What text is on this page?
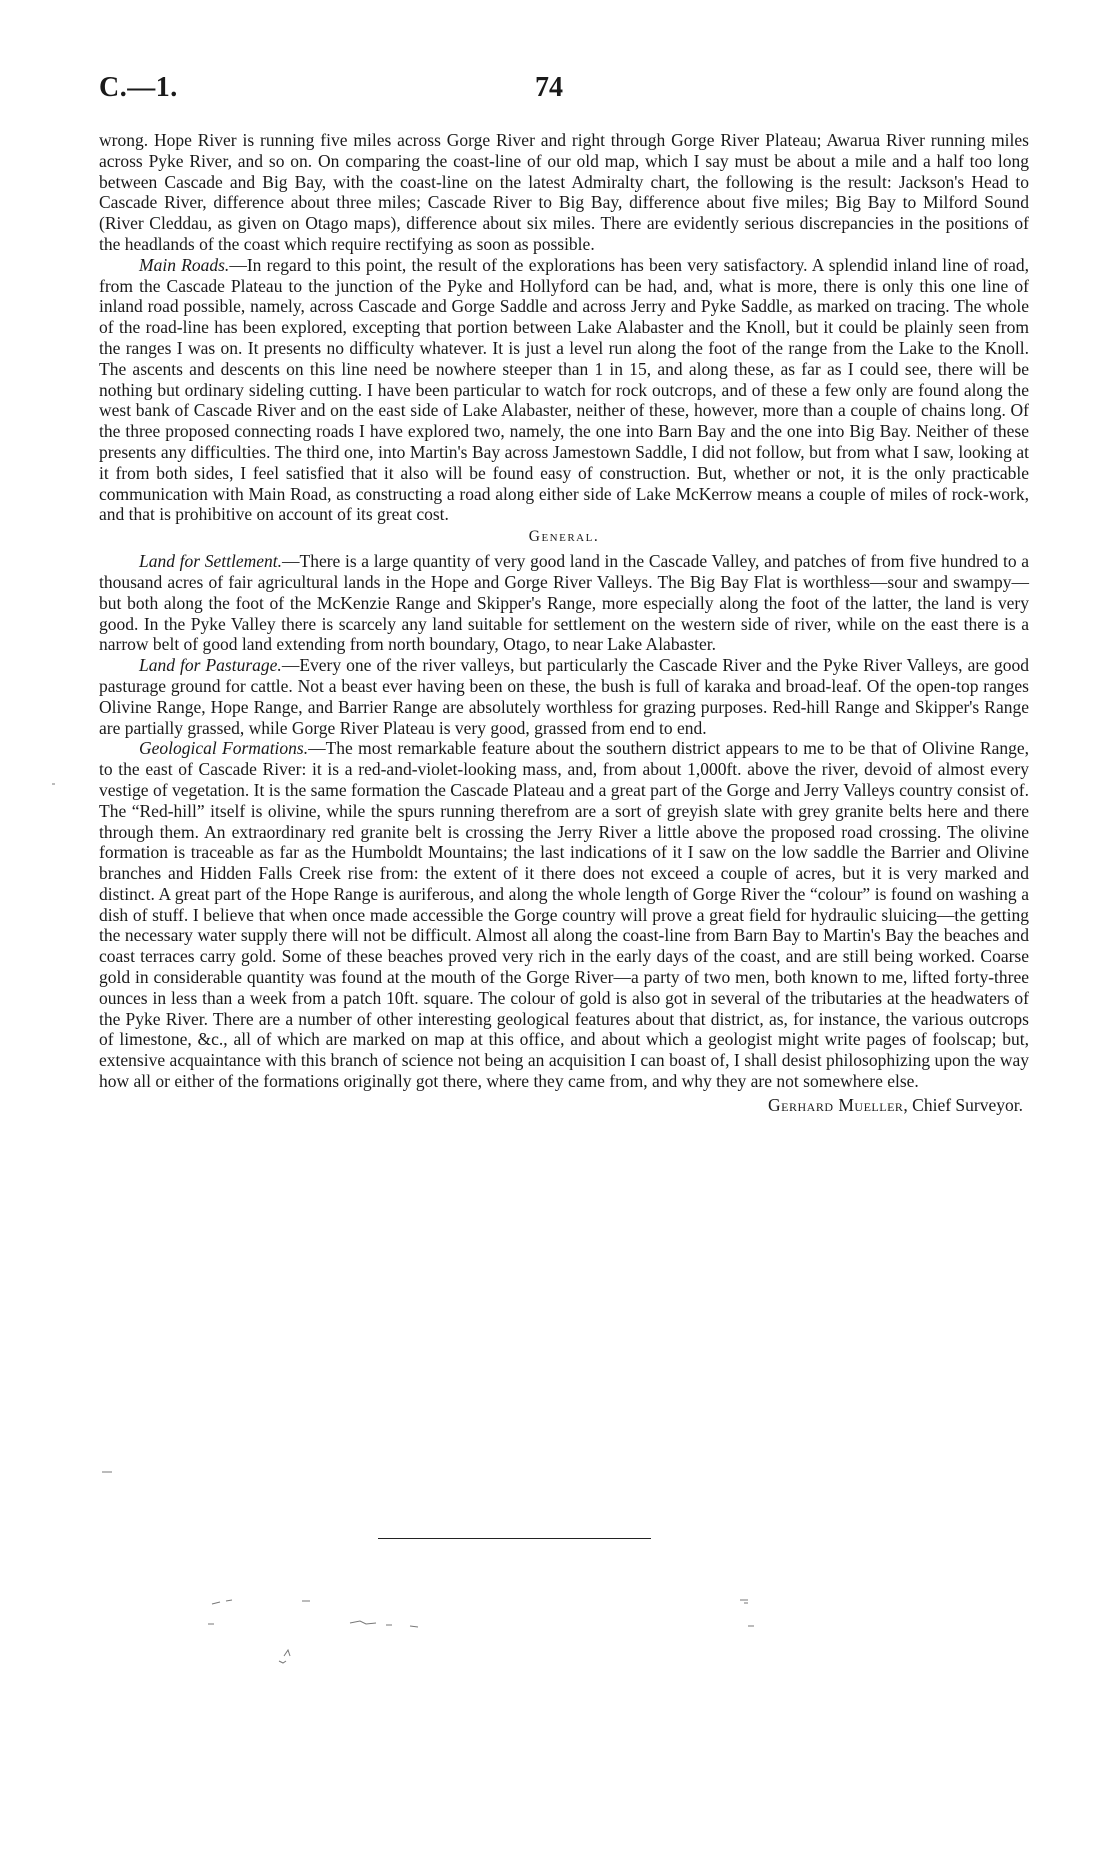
C.—1.	74

wrong. Hope River is running five miles across Gorge River and right through Gorge River Plateau; Awarua River running miles across Pyke River, and so on. On comparing the coast-line of our old map, which I say must be about a mile and a half too long between Cascade and Big Bay, with the coast-line on the latest Admiralty chart, the following is the result: Jackson's Head to Cascade River, difference about three miles; Cascade River to Big Bay, difference about five miles; Big Bay to Milford Sound (River Cleddau, as given on Otago maps), difference about six miles. There are evidently serious discrepancies in the positions of the headlands of the coast which require rectifying as soon as possible.

Main Roads.—In regard to this point, the result of the explorations has been very satisfactory. A splendid inland line of road, from the Cascade Plateau to the junction of the Pyke and Hollyford can be had, and, what is more, there is only this one line of inland road possible, namely, across Cascade and Gorge Saddle and across Jerry and Pyke Saddle, as marked on tracing. The whole of the road-line has been explored, excepting that portion between Lake Alabaster and the Knoll, but it could be plainly seen from the ranges I was on. It presents no difficulty whatever. It is just a level run along the foot of the range from the Lake to the Knoll. The ascents and descents on this line need be nowhere steeper than 1 in 15, and along these, as far as I could see, there will be nothing but ordinary sideling cutting. I have been particular to watch for rock outcrops, and of these a few only are found along the west bank of Cascade River and on the east side of Lake Alabaster, neither of these, however, more than a couple of chains long. Of the three proposed connecting roads I have explored two, namely, the one into Barn Bay and the one into Big Bay. Neither of these presents any difficulties. The third one, into Martin's Bay across Jamestown Saddle, I did not follow, but from what I saw, looking at it from both sides, I feel satisfied that it also will be found easy of construction. But, whether or not, it is the only practicable communication with Main Road, as constructing a road along either side of Lake McKerrow means a couple of miles of rock-work, and that is prohibitive on account of its great cost.

General.

Land for Settlement.—There is a large quantity of very good land in the Cascade Valley, and patches of from five hundred to a thousand acres of fair agricultural lands in the Hope and Gorge River Valleys. The Big Bay Flat is worthless—sour and swampy—but both along the foot of the McKenzie Range and Skipper's Range, more especially along the foot of the latter, the land is very good. In the Pyke Valley there is scarcely any land suitable for settlement on the western side of river, while on the east there is a narrow belt of good land extending from north boundary, Otago, to near Lake Alabaster.

Land for Pasturage.—Every one of the river valleys, but particularly the Cascade River and the Pyke River Valleys, are good pasturage ground for cattle. Not a beast ever having been on these, the bush is full of karaka and broad-leaf. Of the open-top ranges Olivine Range, Hope Range, and Barrier Range are absolutely worthless for grazing purposes. Red-hill Range and Skipper's Range are partially grassed, while Gorge River Plateau is very good, grassed from end to end.

Geological Formations.—The most remarkable feature about the southern district appears to me to be that of Olivine Range, to the east of Cascade River: it is a red-and-violet-looking mass, and, from about 1,000ft. above the river, devoid of almost every vestige of vegetation. It is the same formation the Cascade Plateau and a great part of the Gorge and Jerry Valleys country consist of. The “Red-hill” itself is olivine, while the spurs running therefrom are a sort of greyish slate with grey granite belts here and there through them. An extraordinary red granite belt is crossing the Jerry River a little above the proposed road crossing. The olivine formation is traceable as far as the Humboldt Mountains; the last indications of it I saw on the low saddle the Barrier and Olivine branches and Hidden Falls Creek rise from: the extent of it there does not exceed a couple of acres, but it is very marked and distinct. A great part of the Hope Range is auriferous, and along the whole length of Gorge River the “colour” is found on washing a dish of stuff. I believe that when once made accessible the Gorge country will prove a great field for hydraulic sluicing—the getting the necessary water supply there will not be difficult. Almost all along the coast-line from Barn Bay to Martin's Bay the beaches and coast terraces carry gold. Some of these beaches proved very rich in the early days of the coast, and are still being worked. Coarse gold in considerable quantity was found at the mouth of the Gorge River—a party of two men, both known to me, lifted forty-three ounces in less than a week from a patch 10ft. square. The colour of gold is also got in several of the tributaries at the headwaters of the Pyke River. There are a number of other interesting geological features about that district, as, for instance, the various outcrops of limestone, &c., all of which are marked on map at this office, and about which a geologist might write pages of foolscap; but, extensive acquaintance with this branch of science not being an acquisition I can boast of, I shall desist philosophizing upon the way how all or either of the formations originally got there, where they came from, and why they are not somewhere else.

Gerhard Mueller, Chief Surveyor.
